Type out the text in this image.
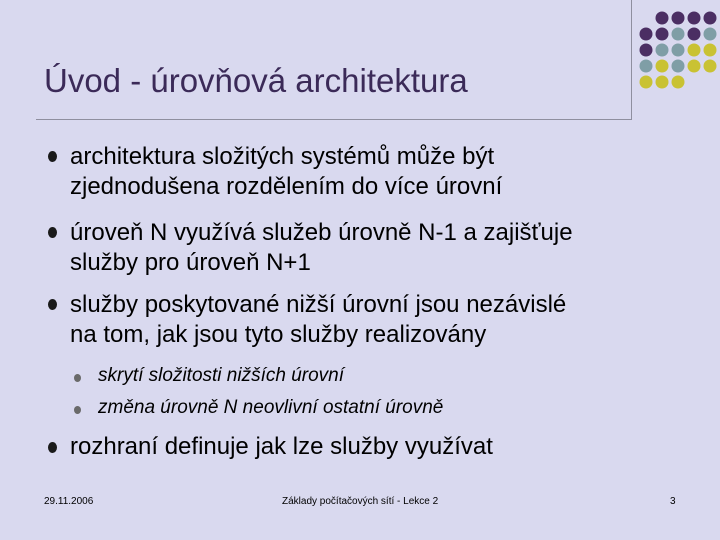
Úvod - úrovňová architektura
architektura složitých systémů může být
zjednodušena rozdělením do více úrovní
úroveň N využívá služeb úrovně N-1 a zajišťuje
služby pro úroveň N+1
služby poskytované nižší úrovní jsou nezávislé
na tom, jak jsou tyto služby realizovány
skrytí složitosti nižších úrovní
změna úrovně N neovlivní ostatní úrovně
rozhraní definuje jak lze služby využívat
29.11.2006	Základy počítačových sítí - Lekce 2	3
